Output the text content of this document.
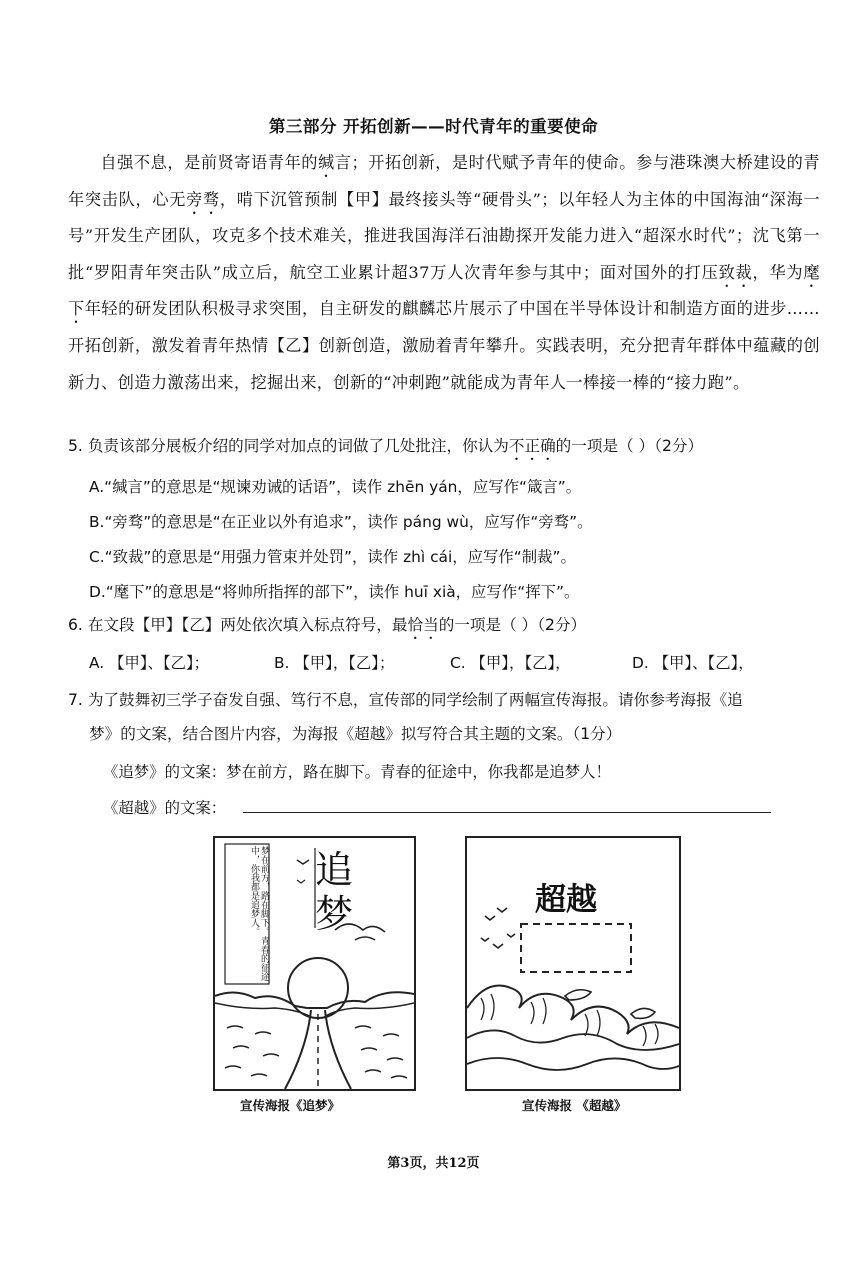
第三部分 开拓创新——时代青年的重要使命

自强不息，是前贤寄语青年的缄言；开拓创新，是时代赋予青年的使命。参与港珠澳大桥建设的青年突击队，心无旁骛，啃下沉管预制【甲】最终接头等“硬骨头”；以年轻人为主体的中国海油“深海一号”开发生产团队，攻克多个技术难关，推进我国海洋石油勘探开发能力进入“超深水时代”；沈飞第一批“罗阳青年突击队”成立后，航空工业累计超37万人次青年参与其中；面对国外的打压致裁，华为麾下年轻的研发团队积极寻求突围，自主研发的麒麟芯片展示了中国在半导体设计和制造方面的进步……开拓创新，激发着青年热情【乙】创新创造，激励着青年攀升。实践表明，充分把青年群体中蕴藏的创新力、创造力激荡出来，挖掘出来，创新的“冲刺跑”就能成为青年人一棒接一棒的“接力跑”。

5. 负责该部分展板介绍的同学对加点的词做了几处批注，你认为不正确的一项是（ ）（2分）
A.“缄言”的意思是“规谏劝诫的话语”，读作 zhēn yán，应写作“箴言”。
B.“旁骛”的意思是“在正业以外有追求”，读作 páng wù，应写作“旁骛”。
C.“致裁”的意思是“用强力管束并处罚”，读作 zhì cái，应写作“制裁”。
D.“麾下”的意思是“将帅所指挥的部下”，读作 huī xià，应写作“挥下”。
6. 在文段【甲】【乙】两处依次填入标点符号，最恰当的一项是（ ）（2分）
A. 【甲】、【乙】；	B. 【甲】，【乙】；	C. 【甲】，【乙】，	D. 【甲】、【乙】，
7. 为了鼓舞初三学子奋发自强、笃行不息，宣传部的同学绘制了两幅宣传海报。请你参考海报《追
梦》的文案，结合图片内容，为海报《超越》拟写符合其主题的文案。（1分）
《追梦》的文案：梦在前方，路在脚下。青春的征途中，你我都是追梦人！
《超越》的文案：
梦在前方，路在脚下。青春的征途中，你我都是追梦人。 追梦
宣传海报《追梦》
超越
宣传海报 《超越》
第3页，共12页
